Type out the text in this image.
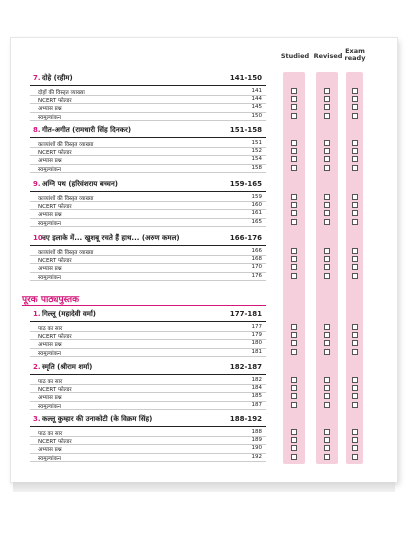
Studied Revised
Exam
ready
पूरक पाठ्यपुस्तक
7. दोहे (रहीम)	141-150
दोहों की विस्तृत व्याख्या	141
NCERT फोल्डर	144
अभ्यास प्रश्न	145
स्वमूल्यांकन	150
8. गीत-अगीत (रामधारी सिंह दिनकर)	151-158
काव्यांशों की विस्तृत व्याख्या	151
NCERT फोल्डर	152
अभ्यास प्रश्न	154
स्वमूल्यांकन	158
9. अग्नि पथ (हरिवंशराय बच्चन)	159-165
काव्यांशों की विस्तृत व्याख्या	159
NCERT फोल्डर	160
अभ्यास प्रश्न	161
स्वमूल्यांकन	165
10.
नए इलाके में... खुशबू रचते हैं हाथ... (अरुण कमल)	166-176
काव्यांशों की विस्तृत व्याख्या	166
NCERT फोल्डर	168
अभ्यास प्रश्न	170
स्वमूल्यांकन	176
1. गिल्लू (महादेवी वर्मा)	177-181
पाठ का सार	177
NCERT फोल्डर	179
अभ्यास प्रश्न	180
स्वमूल्यांकन	181
2. स्मृति (श्रीराम शर्मा)	182-187
पाठ का सार	182
NCERT फोल्डर	184
अभ्यास प्रश्न	185
स्वमूल्यांकन	187
3. कल्लू कुम्हार की उनाकोटी (के विक्रम सिंह)	188-192
पाठ का सार	188
NCERT फोल्डर	189
अभ्यास प्रश्न	190
स्वमूल्यांकन	192
